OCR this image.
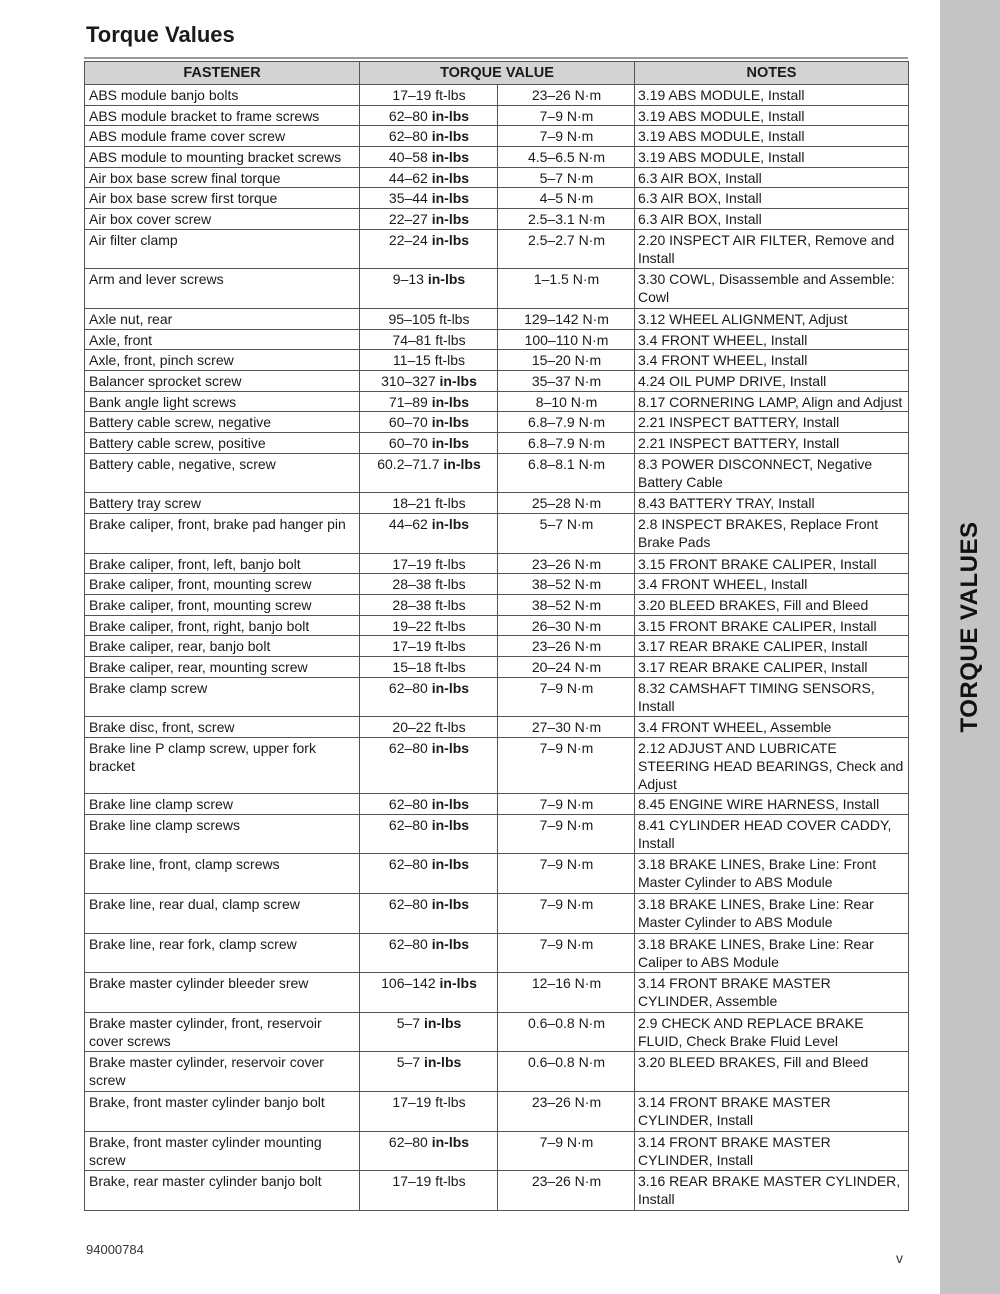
Torque Values
FASTENER	TORQUE VALUE		NOTES
ABS module banjo bolts	17–19 ft-lbs	23–26 N·m	3.19 ABS MODULE, Install
ABS module bracket to frame screws	62–80 in-lbs	7–9 N·m	3.19 ABS MODULE, Install
ABS module frame cover screw	62–80 in-lbs	7–9 N·m	3.19 ABS MODULE, Install
ABS module to mounting bracket screws	40–58 in-lbs	4.5–6.5 N·m	3.19 ABS MODULE, Install
Air box base screw final torque	44–62 in-lbs	5–7 N·m	6.3 AIR BOX, Install
Air box base screw first torque	35–44 in-lbs	4–5 N·m	6.3 AIR BOX, Install
Air box cover screw	22–27 in-lbs	2.5–3.1 N·m	6.3 AIR BOX, Install
Air filter clamp	22–24 in-lbs	2.5–2.7 N·m	2.20 INSPECT AIR FILTER, Remove and Install
Arm and lever screws	9–13 in-lbs	1–1.5 N·m	3.30 COWL, Disassemble and Assemble: Cowl
Axle nut, rear	95–105 ft-lbs	129–142 N·m	3.12 WHEEL ALIGNMENT, Adjust
Axle, front	74–81 ft-lbs	100–110 N·m	3.4 FRONT WHEEL, Install
Axle, front, pinch screw	11–15 ft-lbs	15–20 N·m	3.4 FRONT WHEEL, Install
Balancer sprocket screw	310–327 in-lbs	35–37 N·m	4.24 OIL PUMP DRIVE, Install
Bank angle light screws	71–89 in-lbs	8–10 N·m	8.17 CORNERING LAMP, Align and Adjust
Battery cable screw, negative	60–70 in-lbs	6.8–7.9 N·m	2.21 INSPECT BATTERY, Install
Battery cable screw, positive	60–70 in-lbs	6.8–7.9 N·m	2.21 INSPECT BATTERY, Install
Battery cable, negative, screw	60.2–71.7 in-lbs	6.8–8.1 N·m	8.3 POWER DISCONNECT, Negative Battery Cable
Battery tray screw	18–21 ft-lbs	25–28 N·m	8.43 BATTERY TRAY, Install
Brake caliper, front, brake pad hanger pin	44–62 in-lbs	5–7 N·m	2.8 INSPECT BRAKES, Replace Front Brake Pads
Brake caliper, front, left, banjo bolt	17–19 ft-lbs	23–26 N·m	3.15 FRONT BRAKE CALIPER, Install
Brake caliper, front, mounting screw	28–38 ft-lbs	38–52 N·m	3.4 FRONT WHEEL, Install
Brake caliper, front, mounting screw	28–38 ft-lbs	38–52 N·m	3.20 BLEED BRAKES, Fill and Bleed
Brake caliper, front, right, banjo bolt	19–22 ft-lbs	26–30 N·m	3.15 FRONT BRAKE CALIPER, Install
Brake caliper, rear, banjo bolt	17–19 ft-lbs	23–26 N·m	3.17 REAR BRAKE CALIPER, Install
Brake caliper, rear, mounting screw	15–18 ft-lbs	20–24 N·m	3.17 REAR BRAKE CALIPER, Install
Brake clamp screw	62–80 in-lbs	7–9 N·m	8.32 CAMSHAFT TIMING SENSORS, Install
Brake disc, front, screw	20–22 ft-lbs	27–30 N·m	3.4 FRONT WHEEL, Assemble
Brake line P clamp screw, upper fork bracket	62–80 in-lbs	7–9 N·m	2.12 ADJUST AND LUBRICATE STEERING HEAD BEARINGS, Check and Adjust
Brake line clamp screw	62–80 in-lbs	7–9 N·m	8.45 ENGINE WIRE HARNESS, Install
Brake line clamp screws	62–80 in-lbs	7–9 N·m	8.41 CYLINDER HEAD COVER CADDY, Install
Brake line, front, clamp screws	62–80 in-lbs	7–9 N·m	3.18 BRAKE LINES, Brake Line: Front Master Cylinder to ABS Module
Brake line, rear dual, clamp screw	62–80 in-lbs	7–9 N·m	3.18 BRAKE LINES, Brake Line: Rear Master Cylinder to ABS Module
Brake line, rear fork, clamp screw	62–80 in-lbs	7–9 N·m	3.18 BRAKE LINES, Brake Line: Rear Caliper to ABS Module
Brake master cylinder bleeder srew	106–142 in-lbs	12–16 N·m	3.14 FRONT BRAKE MASTER CYLINDER, Assemble
Brake master cylinder, front, reservoir cover screws	5–7 in-lbs	0.6–0.8 N·m	2.9 CHECK AND REPLACE BRAKE FLUID, Check Brake Fluid Level
Brake master cylinder, reservoir cover screw	5–7 in-lbs	0.6–0.8 N·m	3.20 BLEED BRAKES, Fill and Bleed
Brake, front master cylinder banjo bolt	17–19 ft-lbs	23–26 N·m	3.14 FRONT BRAKE MASTER CYLINDER, Install
Brake, front master cylinder mounting screw	62–80 in-lbs	7–9 N·m	3.14 FRONT BRAKE MASTER CYLINDER, Install
Brake, rear master cylinder banjo bolt	17–19 ft-lbs	23–26 N·m	3.16 REAR BRAKE MASTER CYLINDER, Install
94000784
v
TORQUE VALUES
